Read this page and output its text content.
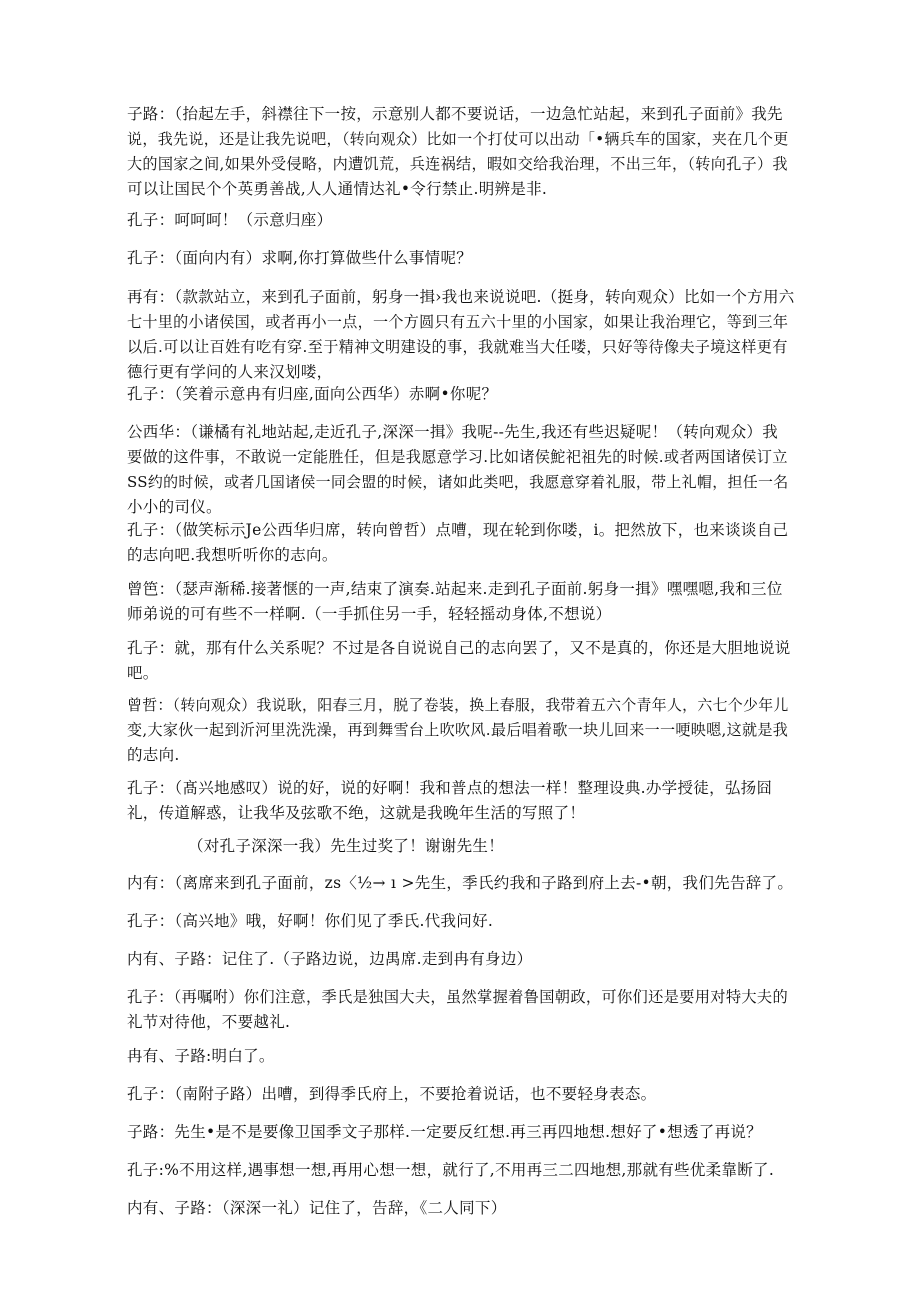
子路：（抬起左手，斜襟往下一按，示意别人都不要说话，一边急忙站起，来到孔子面前》我先
说，我先说，还是让我先说吧，（转向观众）比如一个打仗可以出动「•辆兵车的国家，夹在几个更
大的国家之间,如果外受侵略，内遭饥荒，兵连祸结，暇如交给我治理，不出三年，（转向孔子）我
可以让国民个个英勇善战,人人通情达礼•令行禁止.明辨是非.

孔子：呵呵呵！（示意归座）

孔子：（面向内有）求啊,你打算做些什么事情呢？

再有：（款款站立，来到孔子面前，躬身一揖›我也来说说吧.（挺身，转向观众）比如一个方用六
七十里的小诸侯国，或者再小一点，一个方圆只有五六十里的小国家，如果让我治理它，等到三年
以后.可以让百姓有吃有穿.至于精神文明建设的事，我就难当大任喽，只好等待像夫子境这样更有
德行更有学问的人来汉划喽，

孔子：（笑着示意冉有归座,面向公西华）赤啊•你呢？

公西华：（谦橘有礼地站起,走近孔子,深深一揖》我呢--先生,我还有些迟疑呢！（转向观众）我
要做的这件事，不敢说一定能胜任，但是我愿意学习.比如诸侯鮀祀祖先的时候.或者两国诸侯订立
SS约的时候，或者几国诸侯一同会盟的时候，诸如此类吧，我愿意穿着礼服，带上礼帽，担任一名
小小的司仪。

孔子：（做笑标示Je公西华归席，转向曾哲）点嘈，现在轮到你喽，i。把然放下，也来谈谈自己
的志向吧.我想听听你的志向。

曾笆：（瑟声渐稀.接著惬的一声,结束了演奏.站起来.走到孔子面前.躬身一揖》嘿嘿嗯,我和三位
师弟说的可有些不一样啊.（一手抓住另一手，轻轻摇动身体,不想说）

孔子：就，那有什么关系呢？不过是各自说说自己的志向罢了，又不是真的，你还是大胆地说说
吧。

曾哲：（转向观众）我说耿，阳春三月，脱了卷装，换上春服，我带着五六个青年人，六七个少年儿
变,大家伙一起到沂河里洗洗澡，再到舞雪台上吹吹风.最后唱着歌一块儿回来一一哽映嗯,这就是我
的志向.

孔子：（髙兴地感叹）说的好，说的好啊！我和普点的想法一样！整理设典.办学授徒，弘扬囧
礼，传道解惑，让我华及弦歌不绝，这就是我晚年生活的写照了！

（对孔子深深一我）先生过奖了！谢谢先生！

内有：（离席来到孔子面前，zs〈½→ ı >先生，季氏约我和子路到府上去-•朝，我们先告辞了。

孔子：（高兴地》哦，好啊！你们见了季氏.代我问好.

内有、子路：记住了.（子路边说，边禺席.走到冉有身边）

孔子：（再嘱咐）你们注意，季氏是独国大夫，虽然掌握着鲁国朝政，可你们还是要用对特大夫的
礼节对待他，不要越礼.

冉有、子路:明白了。

孔子：（南附子路）出嘈，到得季氏府上，不要抢着说话，也不要轻身表态。

子路：先生•是不是要像卫国季文子那样.一定要反红想.再三再四地想.想好了•想透了再说？

孔子:%不用这样,遇事想一想,再用心想一想，就行了,不用再三二四地想,那就有些优柔靠断了.

内有、子路：（深深一礼）记住了，告辞，《二人同下）
